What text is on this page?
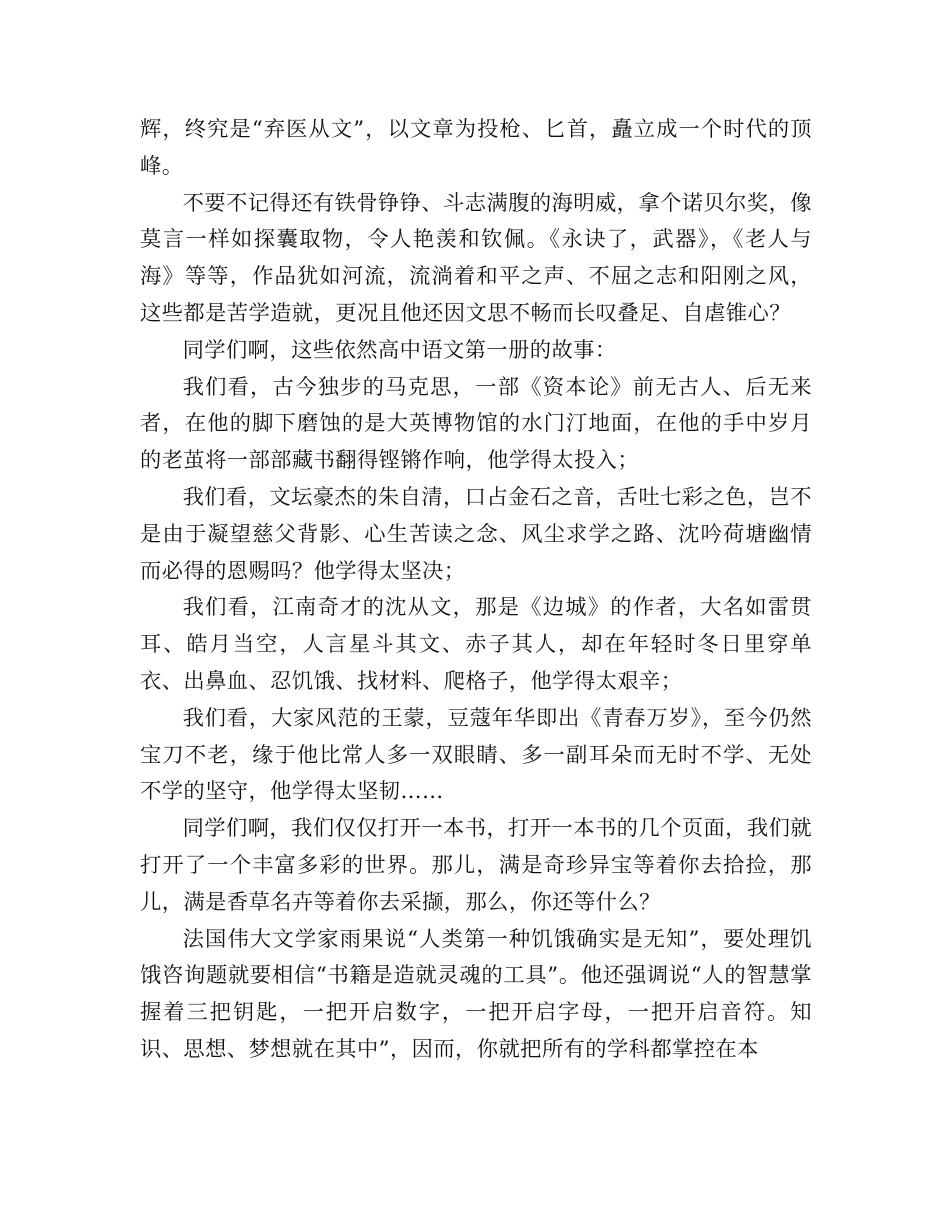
辉，终究是“弃医从文”，以文章为投枪、匕首，矗立成一个时代的顶峰。

不要不记得还有铁骨铮铮、斗志满腹的海明威，拿个诺贝尔奖，像莫言一样如探囊取物，令人艳羡和钦佩。《永诀了，武器》，《老人与海》等等，作品犹如河流，流淌着和平之声、不屈之志和阳刚之风，这些都是苦学造就，更况且他还因文思不畅而长叹叠足、自虐锥心？

同学们啊，这些依然高中语文第一册的故事：

我们看，古今独步的马克思，一部《资本论》前无古人、后无来者，在他的脚下磨蚀的是大英博物馆的水门汀地面，在他的手中岁月的老茧将一部部藏书翻得铿锵作响，他学得太投入；

我们看，文坛豪杰的朱自清，口占金石之音，舌吐七彩之色，岂不是由于凝望慈父背影、心生苦读之念、风尘求学之路、沈吟荷塘幽情而必得的恩赐吗？他学得太坚决；

我们看，江南奇才的沈从文，那是《边城》的作者，大名如雷贯耳、皓月当空，人言星斗其文、赤子其人，却在年轻时冬日里穿单衣、出鼻血、忍饥饿、找材料、爬格子，他学得太艰辛；

我们看，大家风范的王蒙，豆蔻年华即出《青春万岁》，至今仍然宝刀不老，缘于他比常人多一双眼睛、多一副耳朵而无时不学、无处不学的坚守，他学得太坚韧……

同学们啊，我们仅仅打开一本书，打开一本书的几个页面，我们就打开了一个丰富多彩的世界。那儿，满是奇珍异宝等着你去拾捡，那儿，满是香草名卉等着你去采撷，那么，你还等什么？

法国伟大文学家雨果说“人类第一种饥饿确实是无知”，要处理饥饿咨询题就要相信“书籍是造就灵魂的工具”。他还强调说“人的智慧掌握着三把钥匙，一把开启数字，一把开启字母，一把开启音符。知识、思想、梦想就在其中”，因而，你就把所有的学科都掌控在本
